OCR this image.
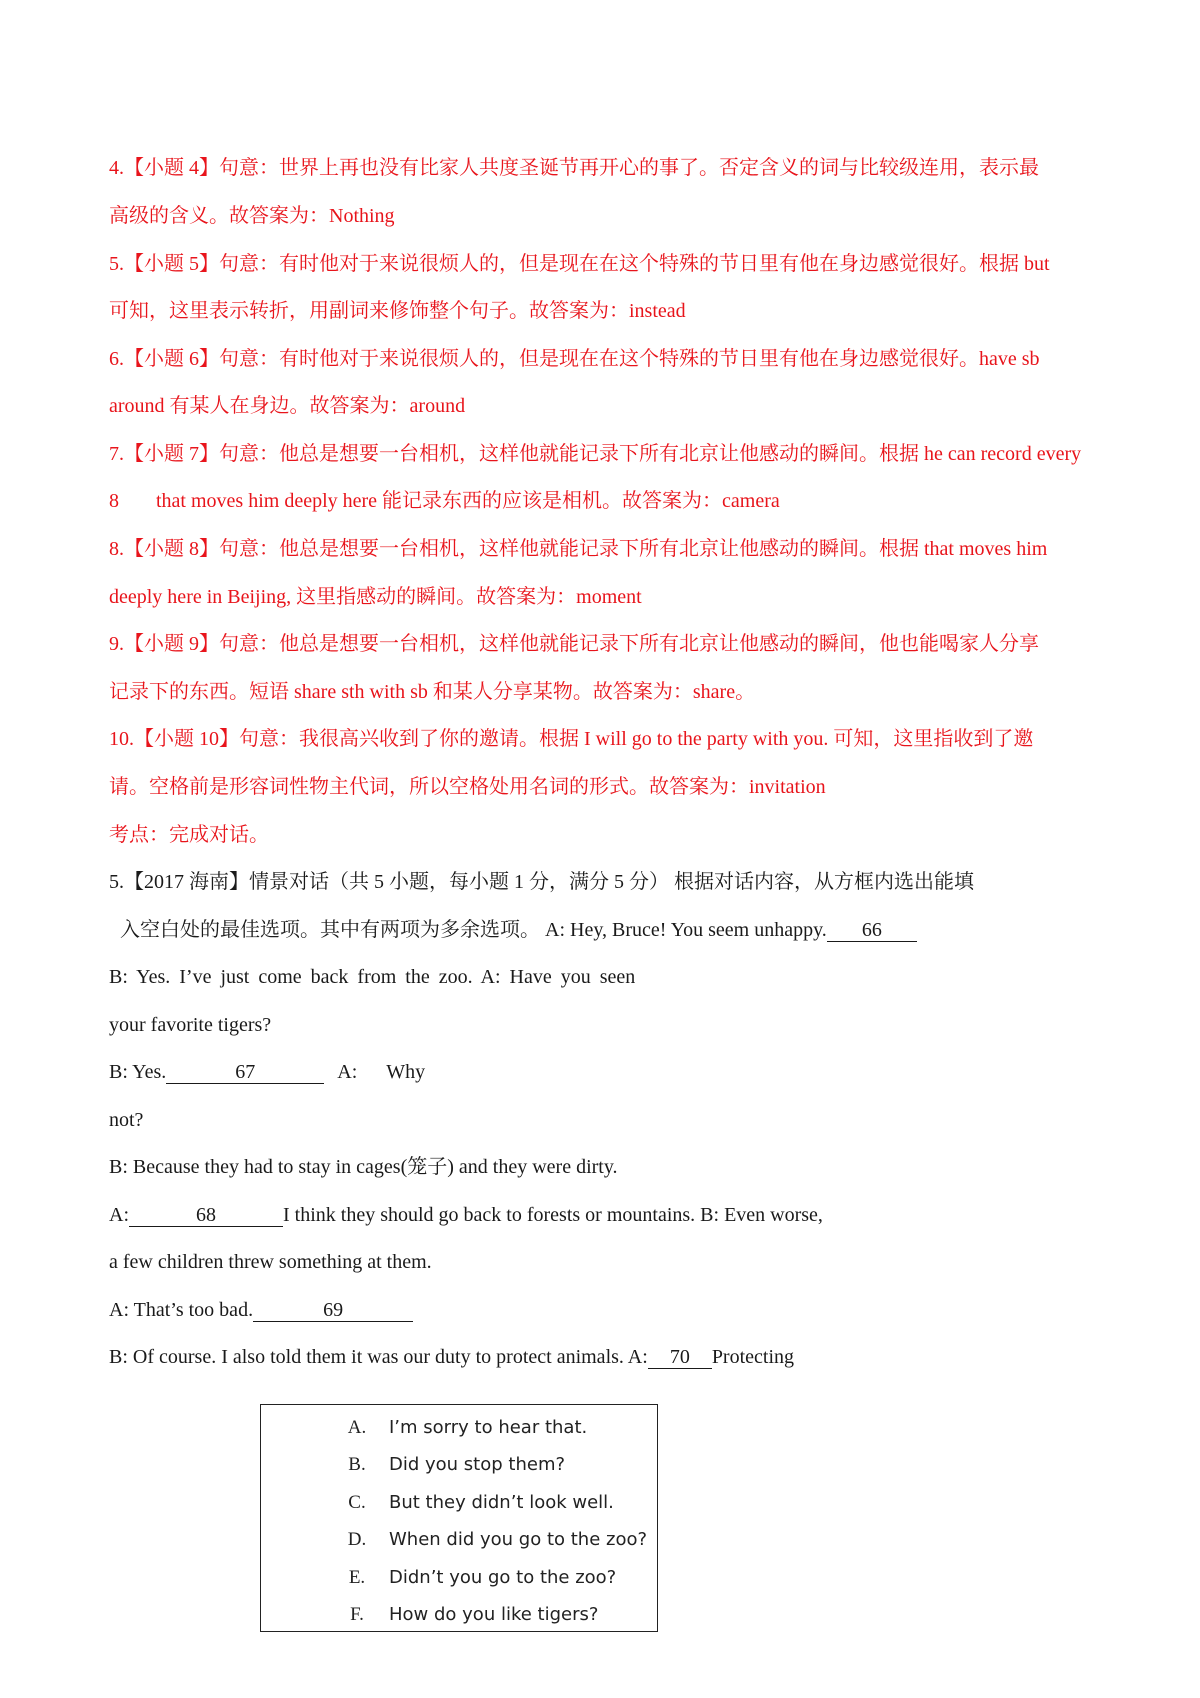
4.【小题 4】句意：世界上再也没有比家人共度圣诞节再开心的事了。否定含义的词与比较级连用，表示最
高级的含义。故答案为：Nothing
5.【小题 5】句意：有时他对于来说很烦人的，但是现在在这个特殊的节日里有他在身边感觉很好。根据 but
可知，这里表示转折，用副词来修饰整个句子。故答案为：instead
6.【小题 6】句意：有时他对于来说很烦人的，但是现在在这个特殊的节日里有他在身边感觉很好。have sb
around 有某人在身边。故答案为：around
7.【小题 7】句意：他总是想要一台相机，这样他就能记录下所有北京让他感动的瞬间。根据 he can record every
8 that moves him deeply here 能记录东西的应该是相机。故答案为：camera
8.【小题 8】句意：他总是想要一台相机，这样他就能记录下所有北京让他感动的瞬间。根据 that moves him
deeply here in Beijing, 这里指感动的瞬间。故答案为：moment
9.【小题 9】句意：他总是想要一台相机，这样他就能记录下所有北京让他感动的瞬间，他也能喝家人分享
记录下的东西。短语 share sth with sb 和某人分享某物。故答案为：share。
10.【小题 10】句意：我很高兴收到了你的邀请。根据 I will go to the party with you. 可知，这里指收到了邀
请。空格前是形容词性物主代词，所以空格处用名词的形式。故答案为：invitation
考点：完成对话。
5.【2017 海南】情景对话（共 5 小题，每小题 1 分，满分 5 分） 根据对话内容，从方框内选出能填
入空白处的最佳选项。其中有两项为多余选项。 A: Hey, Bruce! You seem unhappy. 66
B: Yes. I’ve just come back from the zoo. A: Have you seen
your favorite tigers?
B: Yes.	67	A: Why
not?
B: Because they had to stay in cages(笼子) and they were dirty.
A:	68	I think they should go back to forests or mountains. B: Even worse,
a few children threw something at them.
A: That’s too bad.	69
B: Of course. I also told them it was our duty to protect animals. A: 70 Protecting
A. I’m sorry to hear that.
B. Did you stop them?
C. But they didn’t look well.
D. When did you go to the zoo?
E. Didn’t you go to the zoo?
F. How do you like tigers?
